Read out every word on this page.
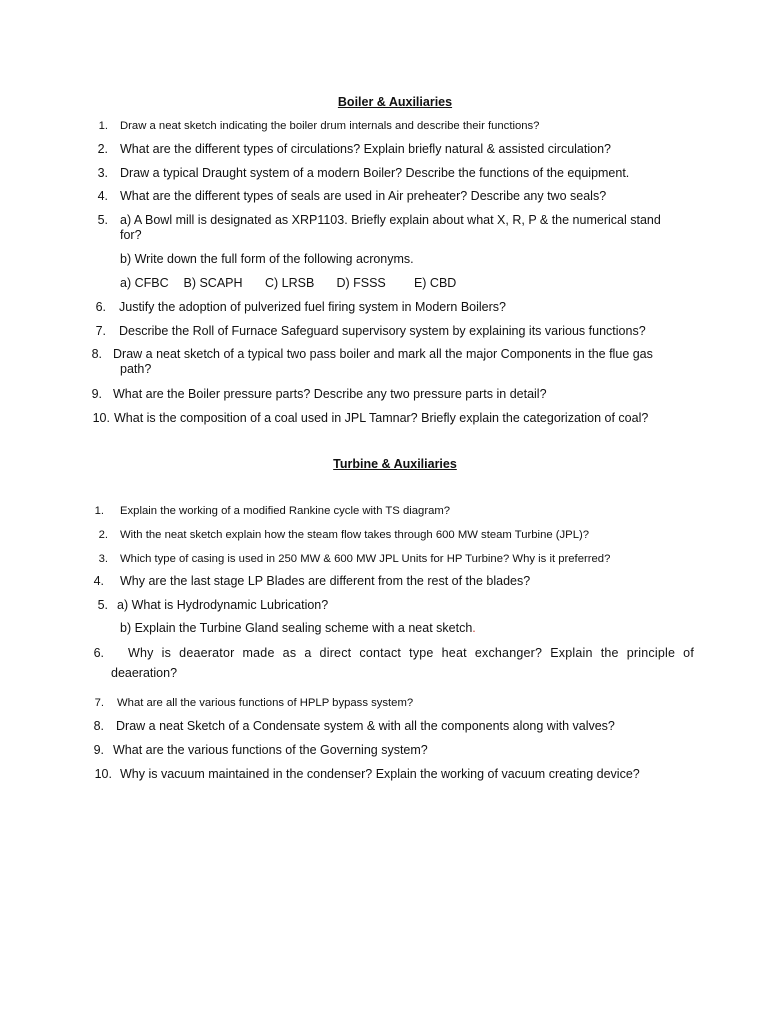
Boiler & Auxiliaries
1. Draw a neat sketch indicating the boiler drum internals and describe their functions?
2. What are the different types of circulations? Explain briefly natural & assisted circulation?
3. Draw a typical Draught system of a modern Boiler? Describe the functions of the equipment.
4. What are the different types of seals are used in Air preheater? Describe any two seals?
5. a) A Bowl mill is designated as XRP1103. Briefly explain about what X, R, P & the numerical stand
for?
b) Write down the full form of the following acronyms.
a) CFBC B) SCAPH C) LRSB D) FSSS E) CBD
6. Justify the adoption of pulverized fuel firing system in Modern Boilers?
7. Describe the Roll of Furnace Safeguard supervisory system by explaining its various functions?
8. Draw a neat sketch of a typical two pass boiler and mark all the major Components in the flue gas
path?
9. What are the Boiler pressure parts? Describe any two pressure parts in detail?
10. What is the composition of a coal used in JPL Tamnar? Briefly explain the categorization of coal?
Turbine & Auxiliaries
1. Explain the working of a modified Rankine cycle with TS diagram?
2. With the neat sketch explain how the steam flow takes through 600 MW steam Turbine (JPL)?
3. Which type of casing is used in 250 MW & 600 MW JPL Units for HP Turbine? Why is it preferred?
4. Why are the last stage LP Blades are different from the rest of the blades?
5. a) What is Hydrodynamic Lubrication?
b) Explain the Turbine Gland sealing scheme with a neat sketch.
6. Why is deaerator made as a direct contact type heat exchanger? Explain the principle of
deaeration?
7. What are all the various functions of HPLP bypass system?
8. Draw a neat Sketch of a Condensate system & with all the components along with valves?
9. What are the various functions of the Governing system?
10. Why is vacuum maintained in the condenser? Explain the working of vacuum creating device?
